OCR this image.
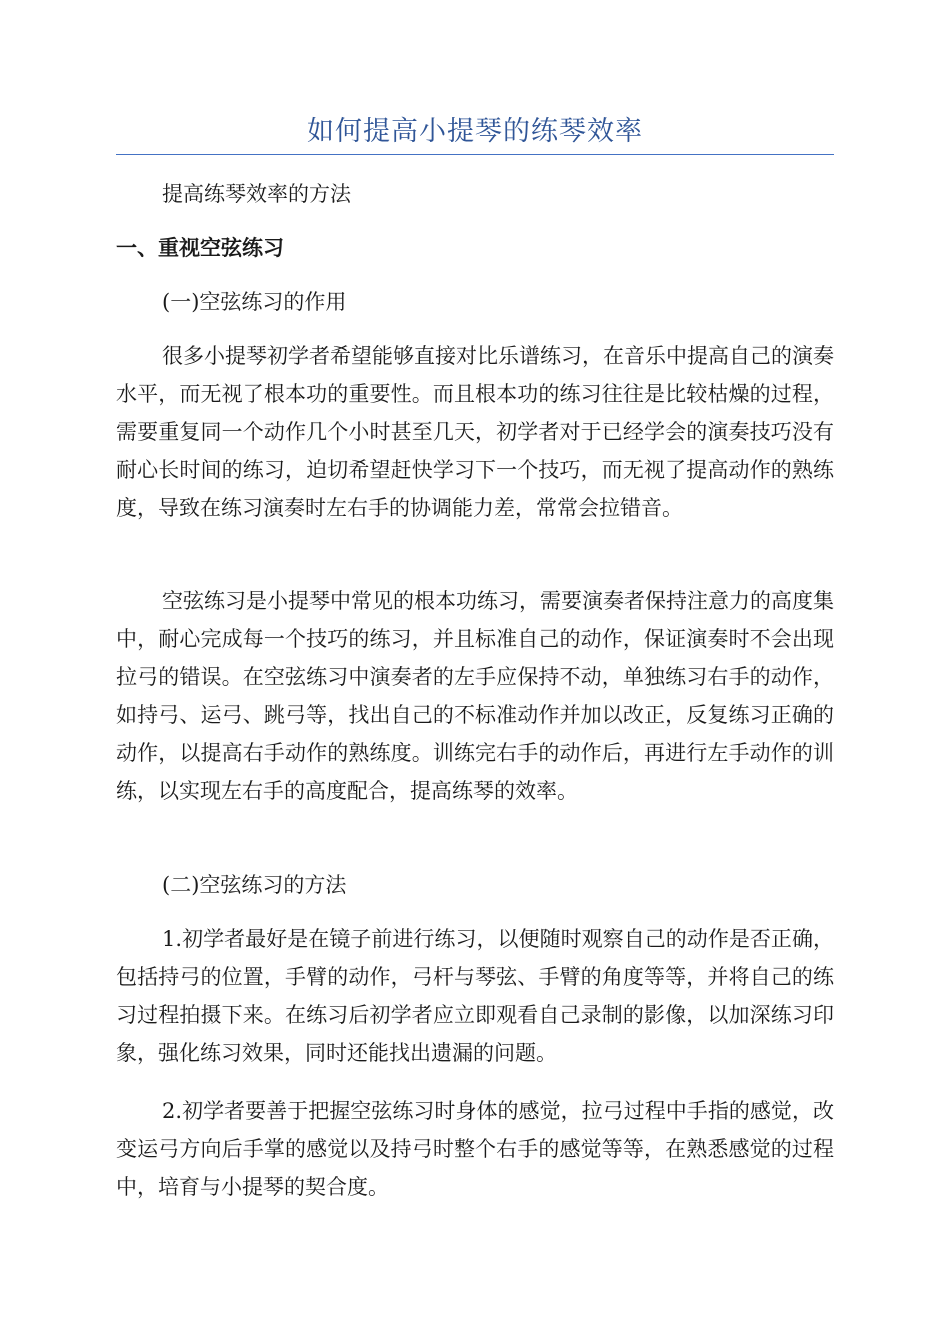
如何提高小提琴的练琴效率

提高练琴效率的方法

一、重视空弦练习

(一)空弦练习的作用

很多小提琴初学者希望能够直接对比乐谱练习，在音乐中提高自己的演奏水平，而无视了根本功的重要性。而且根本功的练习往往是比较枯燥的过程，需要重复同一个动作几个小时甚至几天，初学者对于已经学会的演奏技巧没有耐心长时间的练习，迫切希望赶快学习下一个技巧，而无视了提高动作的熟练度，导致在练习演奏时左右手的协调能力差，常常会拉错音。

空弦练习是小提琴中常见的根本功练习，需要演奏者保持注意力的高度集中，耐心完成每一个技巧的练习，并且标准自己的动作，保证演奏时不会出现拉弓的错误。在空弦练习中演奏者的左手应保持不动，单独练习右手的动作，如持弓、运弓、跳弓等，找出自己的不标准动作并加以改正，反复练习正确的动作，以提高右手动作的熟练度。训练完右手的动作后，再进行左手动作的训练，以实现左右手的高度配合，提高练琴的效率。

(二)空弦练习的方法

1.初学者最好是在镜子前进行练习，以便随时观察自己的动作是否正确，包括持弓的位置，手臂的动作，弓杆与琴弦、手臂的角度等等，并将自己的练习过程拍摄下来。在练习后初学者应立即观看自己录制的影像，以加深练习印象，强化练习效果，同时还能找出遗漏的问题。

2.初学者要善于把握空弦练习时身体的感觉，拉弓过程中手指的感觉，改变运弓方向后手掌的感觉以及持弓时整个右手的感觉等等，在熟悉感觉的过程中，培育与小提琴的契合度。
